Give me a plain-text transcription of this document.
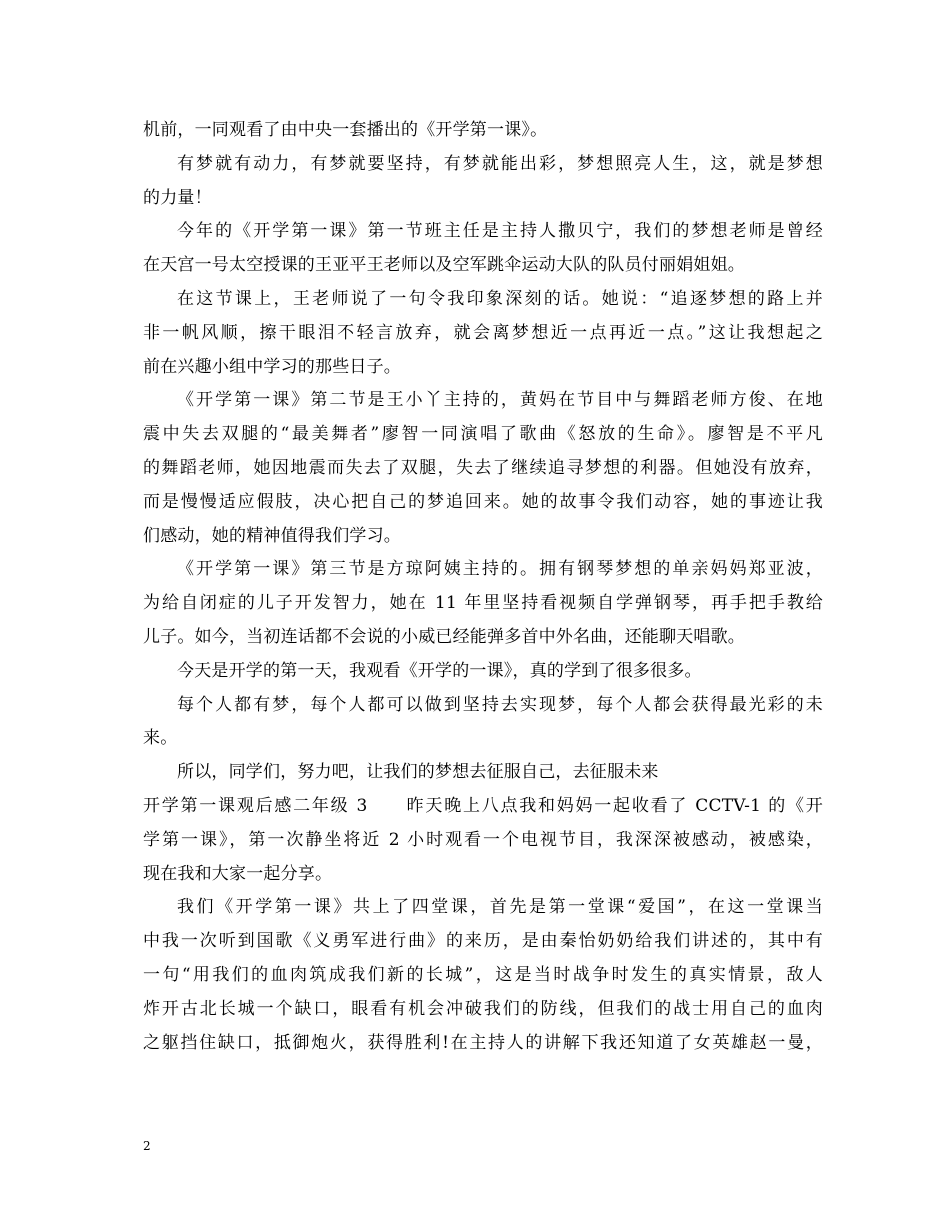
机前，一同观看了由中央一套播出的《开学第一课》。
有梦就有动力，有梦就要坚持，有梦就能出彩，梦想照亮人生，这，就是梦想
的力量！
今年的《开学第一课》第一节班主任是主持人撒贝宁，我们的梦想老师是曾经
在天宫一号太空授课的王亚平王老师以及空军跳伞运动大队的队员付丽娟姐姐。
在这节课上，王老师说了一句令我印象深刻的话。她说：“追逐梦想的路上并
非一帆风顺，擦干眼泪不轻言放弃，就会离梦想近一点再近一点。”这让我想起之
前在兴趣小组中学习的那些日子。
《开学第一课》第二节是王小丫主持的，黄妈在节目中与舞蹈老师方俊、在地
震中失去双腿的“最美舞者”廖智一同演唱了歌曲《怒放的生命》。廖智是不平凡
的舞蹈老师，她因地震而失去了双腿，失去了继续追寻梦想的利器。但她没有放弃，
而是慢慢适应假肢，决心把自己的梦追回来。她的故事令我们动容，她的事迹让我
们感动，她的精神值得我们学习。
《开学第一课》第三节是方琼阿姨主持的。拥有钢琴梦想的单亲妈妈郑亚波，
为给自闭症的儿子开发智力，她在 11 年里坚持看视频自学弹钢琴，再手把手教给
儿子。如今，当初连话都不会说的小威已经能弹多首中外名曲，还能聊天唱歌。
今天是开学的第一天，我观看《开学的一课》，真的学到了很多很多。
每个人都有梦，每个人都可以做到坚持去实现梦，每个人都会获得最光彩的未
来。
所以，同学们，努力吧，让我们的梦想去征服自己，去征服未来
开学第一课观后感二年级 3　　昨天晚上八点我和妈妈一起收看了 CCTV-1 的《开
学第一课》，第一次静坐将近 2 小时观看一个电视节目，我深深被感动，被感染，
现在我和大家一起分享。
我们《开学第一课》共上了四堂课，首先是第一堂课“爱国”，在这一堂课当
中我一次听到国歌《义勇军进行曲》的来历，是由秦怡奶奶给我们讲述的，其中有
一句“用我们的血肉筑成我们新的长城”，这是当时战争时发生的真实情景，敌人
炸开古北长城一个缺口，眼看有机会冲破我们的防线，但我们的战士用自己的血肉
之躯挡住缺口，抵御炮火，获得胜利!在主持人的讲解下我还知道了女英雄赵一曼，
2
